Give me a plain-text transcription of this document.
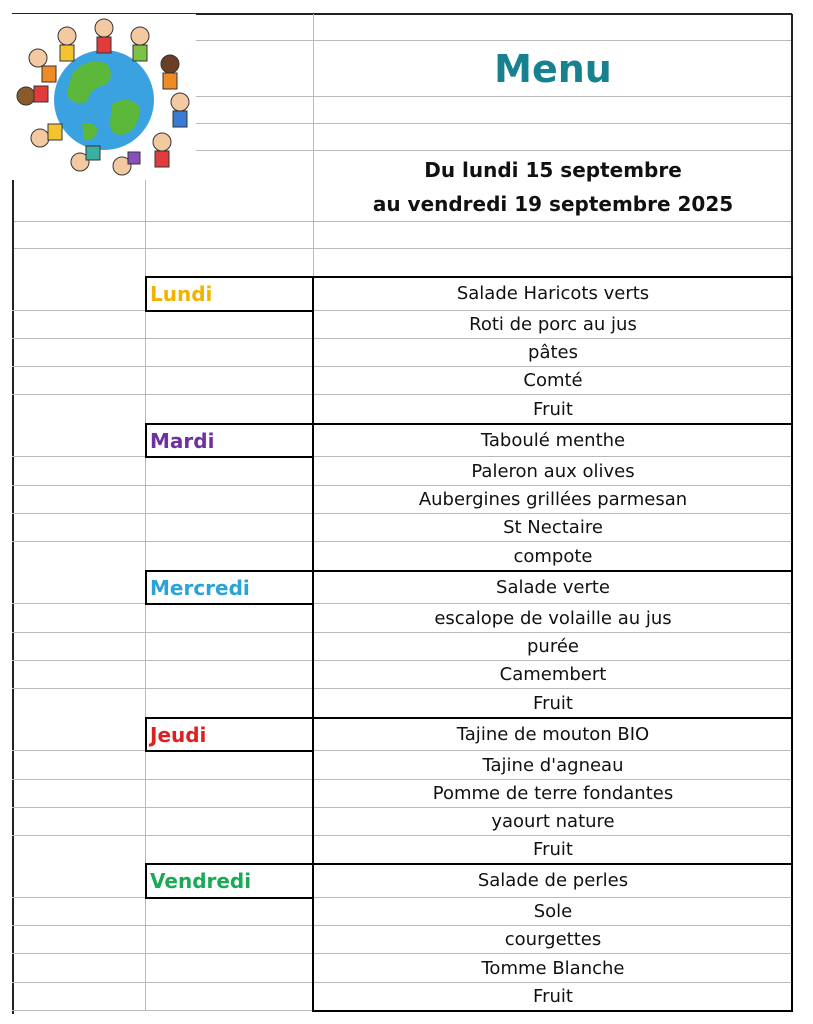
Menu
Du lundi 15 septembre
au vendredi 19 septembre 2025
Lundi	Salade Haricots verts
Roti de porc au jus
pâtes
Comté
Fruit
Mardi	Taboulé menthe
Paleron aux olives
Aubergines grillées parmesan
St Nectaire
compote
Mercredi	Salade verte
escalope de volaille au jus
purée
Camembert
Fruit
Jeudi	Tajine de mouton BIO
Tajine d'agneau
Pomme de terre fondantes
yaourt nature
Fruit
Vendredi	Salade de perles
Sole
courgettes
Tomme Blanche
Fruit
